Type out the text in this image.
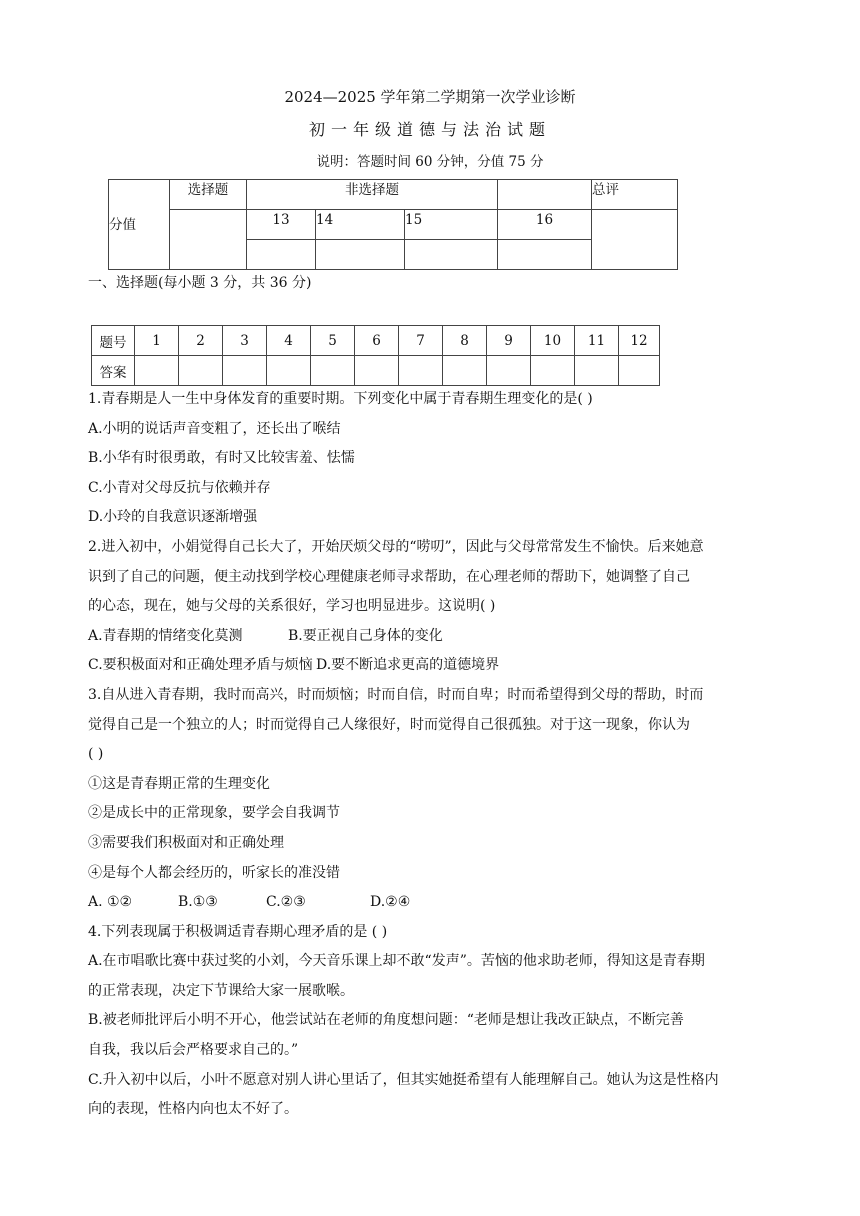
2024—2025 学年第二学期第一次学业诊断
初一年级道德与法治试题
说明：答题时间 60 分钟，分值 75 分
分值	选择题	非选择题				总评
		13	14	15	16	

一、选择题(每小题 3 分，共 36 分)
题号	1	2	3	4	5	6	7	8	9	10	11	12
答案												
1.青春期是人一生中身体发育的重要时期。下列变化中属于青春期生理变化的是( )
A.小明的说话声音变粗了，还长出了喉结
B.小华有时很勇敢，有时又比较害羞、怯懦
C.小青对父母反抗与依赖并存
D.小玲的自我意识逐渐增强
2.进入初中，小娟觉得自己长大了，开始厌烦父母的“唠叨”，因此与父母常常发生不愉快。后来她意
识到了自己的问题，便主动找到学校心理健康老师寻求帮助，在心理老师的帮助下，她调整了自己
的心态，现在，她与父母的关系很好，学习也明显进步。这说明( )
A.青春期的情绪变化莫测	B.要正视自己身体的变化
C.要积极面对和正确处理矛盾与烦恼 D.要不断追求更高的道德境界
3.自从进入青春期，我时而高兴，时而烦恼；时而自信，时而自卑；时而希望得到父母的帮助，时而
觉得自己是一个独立的人；时而觉得自己人缘很好，时而觉得自己很孤独。对于这一现象，你认为
( )
①这是青春期正常的生理变化
②是成长中的正常现象，要学会自我调节
③需要我们积极面对和正确处理
④是每个人都会经历的，听家长的准没错
A. ①②	B.①③	C.②③	D.②④
4.下列表现属于积极调适青春期心理矛盾的是 ( )
A.在市唱歌比赛中获过奖的小刘，今天音乐课上却不敢“发声”。苦恼的他求助老师，得知这是青春期
的正常表现，决定下节课给大家一展歌喉。
B.被老师批评后小明不开心，他尝试站在老师的角度想问题：“老师是想让我改正缺点，不断完善
自我，我以后会严格要求自己的。”
C.升入初中以后，小叶不愿意对别人讲心里话了，但其实她挺希望有人能理解自己。她认为这是性格内
向的表现，性格内向也太不好了。
